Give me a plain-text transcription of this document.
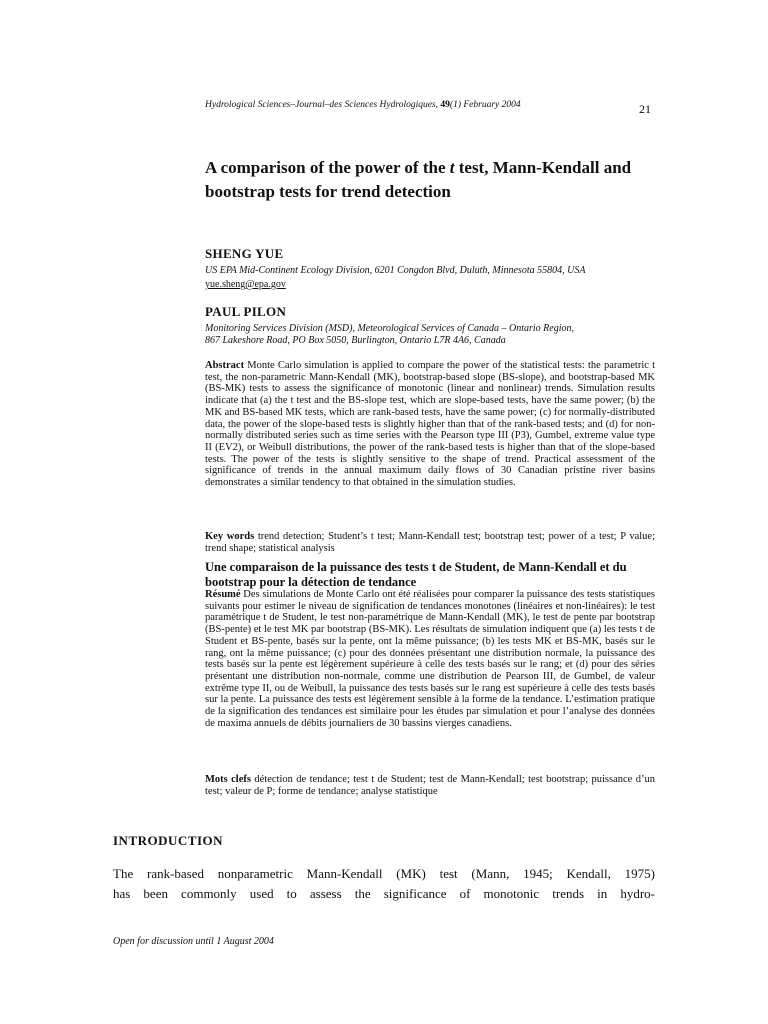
Hydrological Sciences–Journal–des Sciences Hydrologiques, 49(1) February 2004	21
A comparison of the power of the t test, Mann-Kendall and bootstrap tests for trend detection
SHENG YUE
US EPA Mid-Continent Ecology Division, 6201 Congdon Blvd, Duluth, Minnesota 55804, USA
yue.sheng@epa.gov
PAUL PILON
Monitoring Services Division (MSD), Meteorological Services of Canada – Ontario Region,
867 Lakeshore Road, PO Box 5050, Burlington, Ontario L7R 4A6, Canada
Abstract Monte Carlo simulation is applied to compare the power of the statistical tests: the parametric t test, the non-parametric Mann-Kendall (MK), bootstrap-based slope (BS-slope), and bootstrap-based MK (BS-MK) tests to assess the significance of monotonic (linear and nonlinear) trends. Simulation results indicate that (a) the t test and the BS-slope test, which are slope-based tests, have the same power; (b) the MK and BS-based MK tests, which are rank-based tests, have the same power; (c) for normally-distributed data, the power of the slope-based tests is slightly higher than that of the rank-based tests; and (d) for non-normally distributed series such as time series with the Pearson type III (P3), Gumbel, extreme value type II (EV2), or Weibull distributions, the power of the rank-based tests is higher than that of the slope-based tests. The power of the tests is slightly sensitive to the shape of trend. Practical assessment of the significance of trends in the annual maximum daily flows of 30 Canadian pristine river basins demonstrates a similar tendency to that obtained in the simulation studies.
Key words trend detection; Student’s t test; Mann-Kendall test; bootstrap test; power of a test; P value; trend shape; statistical analysis
Une comparaison de la puissance des tests t de Student, de Mann-Kendall et du bootstrap pour la détection de tendance
Résumé Des simulations de Monte Carlo ont été réalisées pour comparer la puissance des tests statistiques suivants pour estimer le niveau de signification de tendances monotones (linéaires et non-linéaires): le test paramétrique t de Student, le test non-paramétrique de Mann-Kendall (MK), le test de pente par bootstrap (BS-pente) et le test MK par bootstrap (BS-MK). Les résultats de simulation indiquent que (a) les tests t de Student et BS-pente, basés sur la pente, ont la même puissance; (b) les tests MK et BS-MK, basés sur le rang, ont la même puissance; (c) pour des données présentant une distribution normale, la puissance des tests basés sur la pente est légèrement supérieure à celle des tests basés sur le rang; et (d) pour des séries présentant une distribution non-normale, comme une distribution de Pearson III, de Gumbel, de valeur extrême type II, ou de Weibull, la puissance des tests basés sur le rang est supérieure à celle des tests basés sur la pente. La puissance des tests est légèrement sensible à la forme de la tendance. L’estimation pratique de la signification des tendances est similaire pour les études par simulation et pour l’analyse des données de maxima annuels de débits journaliers de 30 bassins vierges canadiens.
Mots clefs détection de tendance; test t de Student; test de Mann-Kendall; test bootstrap; puissance d’un test; valeur de P; forme de tendance; analyse statistique
INTRODUCTION
The rank-based nonparametric Mann-Kendall (MK) test (Mann, 1945; Kendall, 1975)
has been commonly used to assess the significance of monotonic trends in hydro-
Open for discussion until 1 August 2004
